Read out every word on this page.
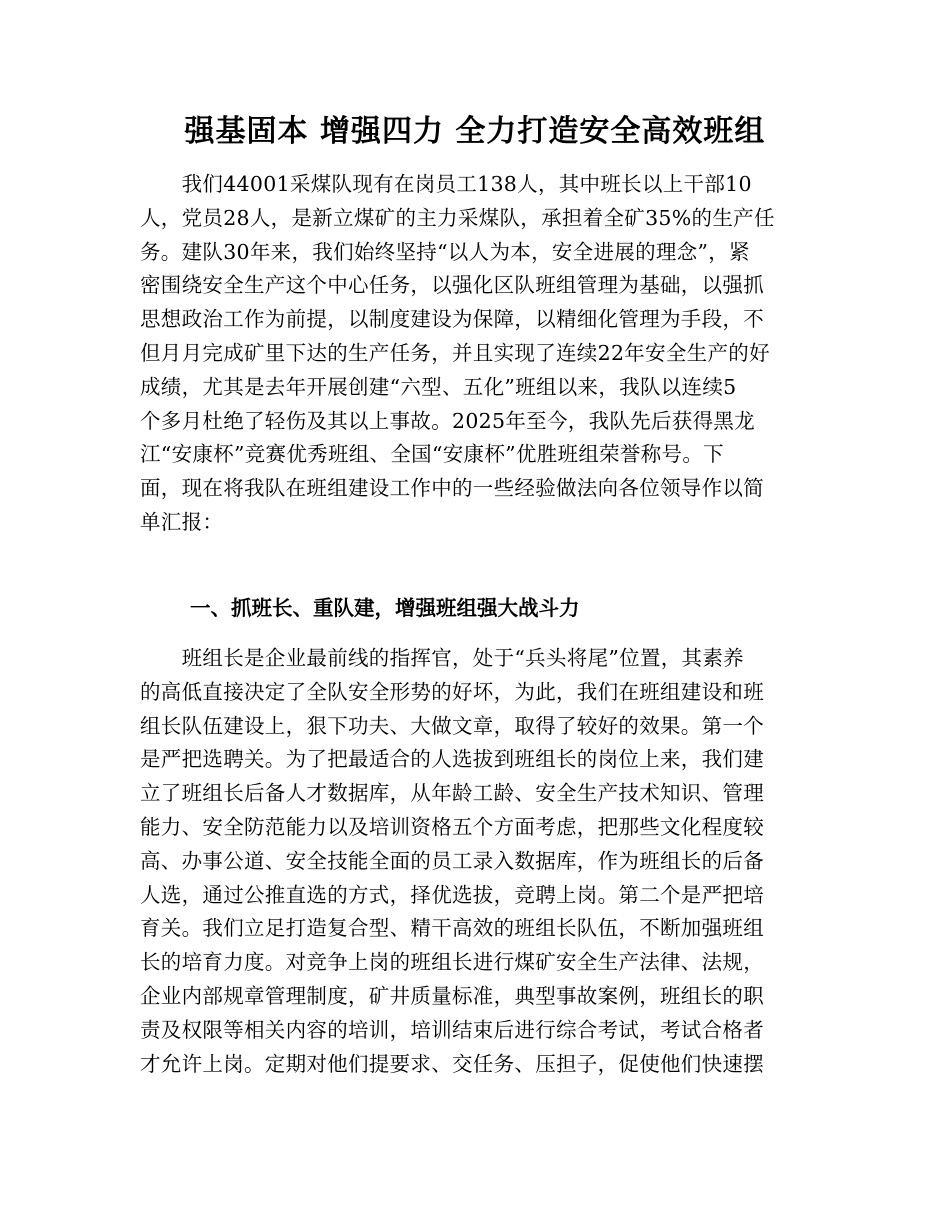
强基固本 增强四力 全力打造安全高效班组
　　我们44001采煤队现有在岗员工138人，其中班长以上干部10
人，党员28人，是新立煤矿的主力采煤队，承担着全矿35%的生产任
务。建队30年来，我们始终坚持“以人为本，安全进展的理念”，紧
密围绕安全生产这个中心任务，以强化区队班组管理为基础，以强抓
思想政治工作为前提，以制度建设为保障，以精细化管理为手段，不
但月月完成矿里下达的生产任务，并且实现了连续22年安全生产的好
成绩，尤其是去年开展创建“六型、五化”班组以来，我队以连续5
个多月杜绝了轻伤及其以上事故。2025年至今，我队先后获得黑龙
江“安康杯”竞赛优秀班组、全国“安康杯”优胜班组荣誉称号。下
面，现在将我队在班组建设工作中的一些经验做法向各位领导作以简
单汇报：
一、抓班长、重队建，增强班组强大战斗力
　　班组长是企业最前线的指挥官，处于“兵头将尾”位置，其素养
的高低直接决定了全队安全形势的好坏，为此，我们在班组建设和班
组长队伍建设上，狠下功夫、大做文章，取得了较好的效果。第一个
是严把选聘关。为了把最适合的人选拔到班组长的岗位上来，我们建
立了班组长后备人才数据库，从年龄工龄、安全生产技术知识、管理
能力、安全防范能力以及培训资格五个方面考虑，把那些文化程度较
高、办事公道、安全技能全面的员工录入数据库，作为班组长的后备
人选，通过公推直选的方式，择优选拔，竞聘上岗。第二个是严把培
育关。我们立足打造复合型、精干高效的班组长队伍，不断加强班组
长的培育力度。对竞争上岗的班组长进行煤矿安全生产法律、法规，
企业内部规章管理制度，矿井质量标准，典型事故案例，班组长的职
责及权限等相关内容的培训，培训结束后进行综合考试，考试合格者
才允许上岗。定期对他们提要求、交任务、压担子，促使他们快速摆
